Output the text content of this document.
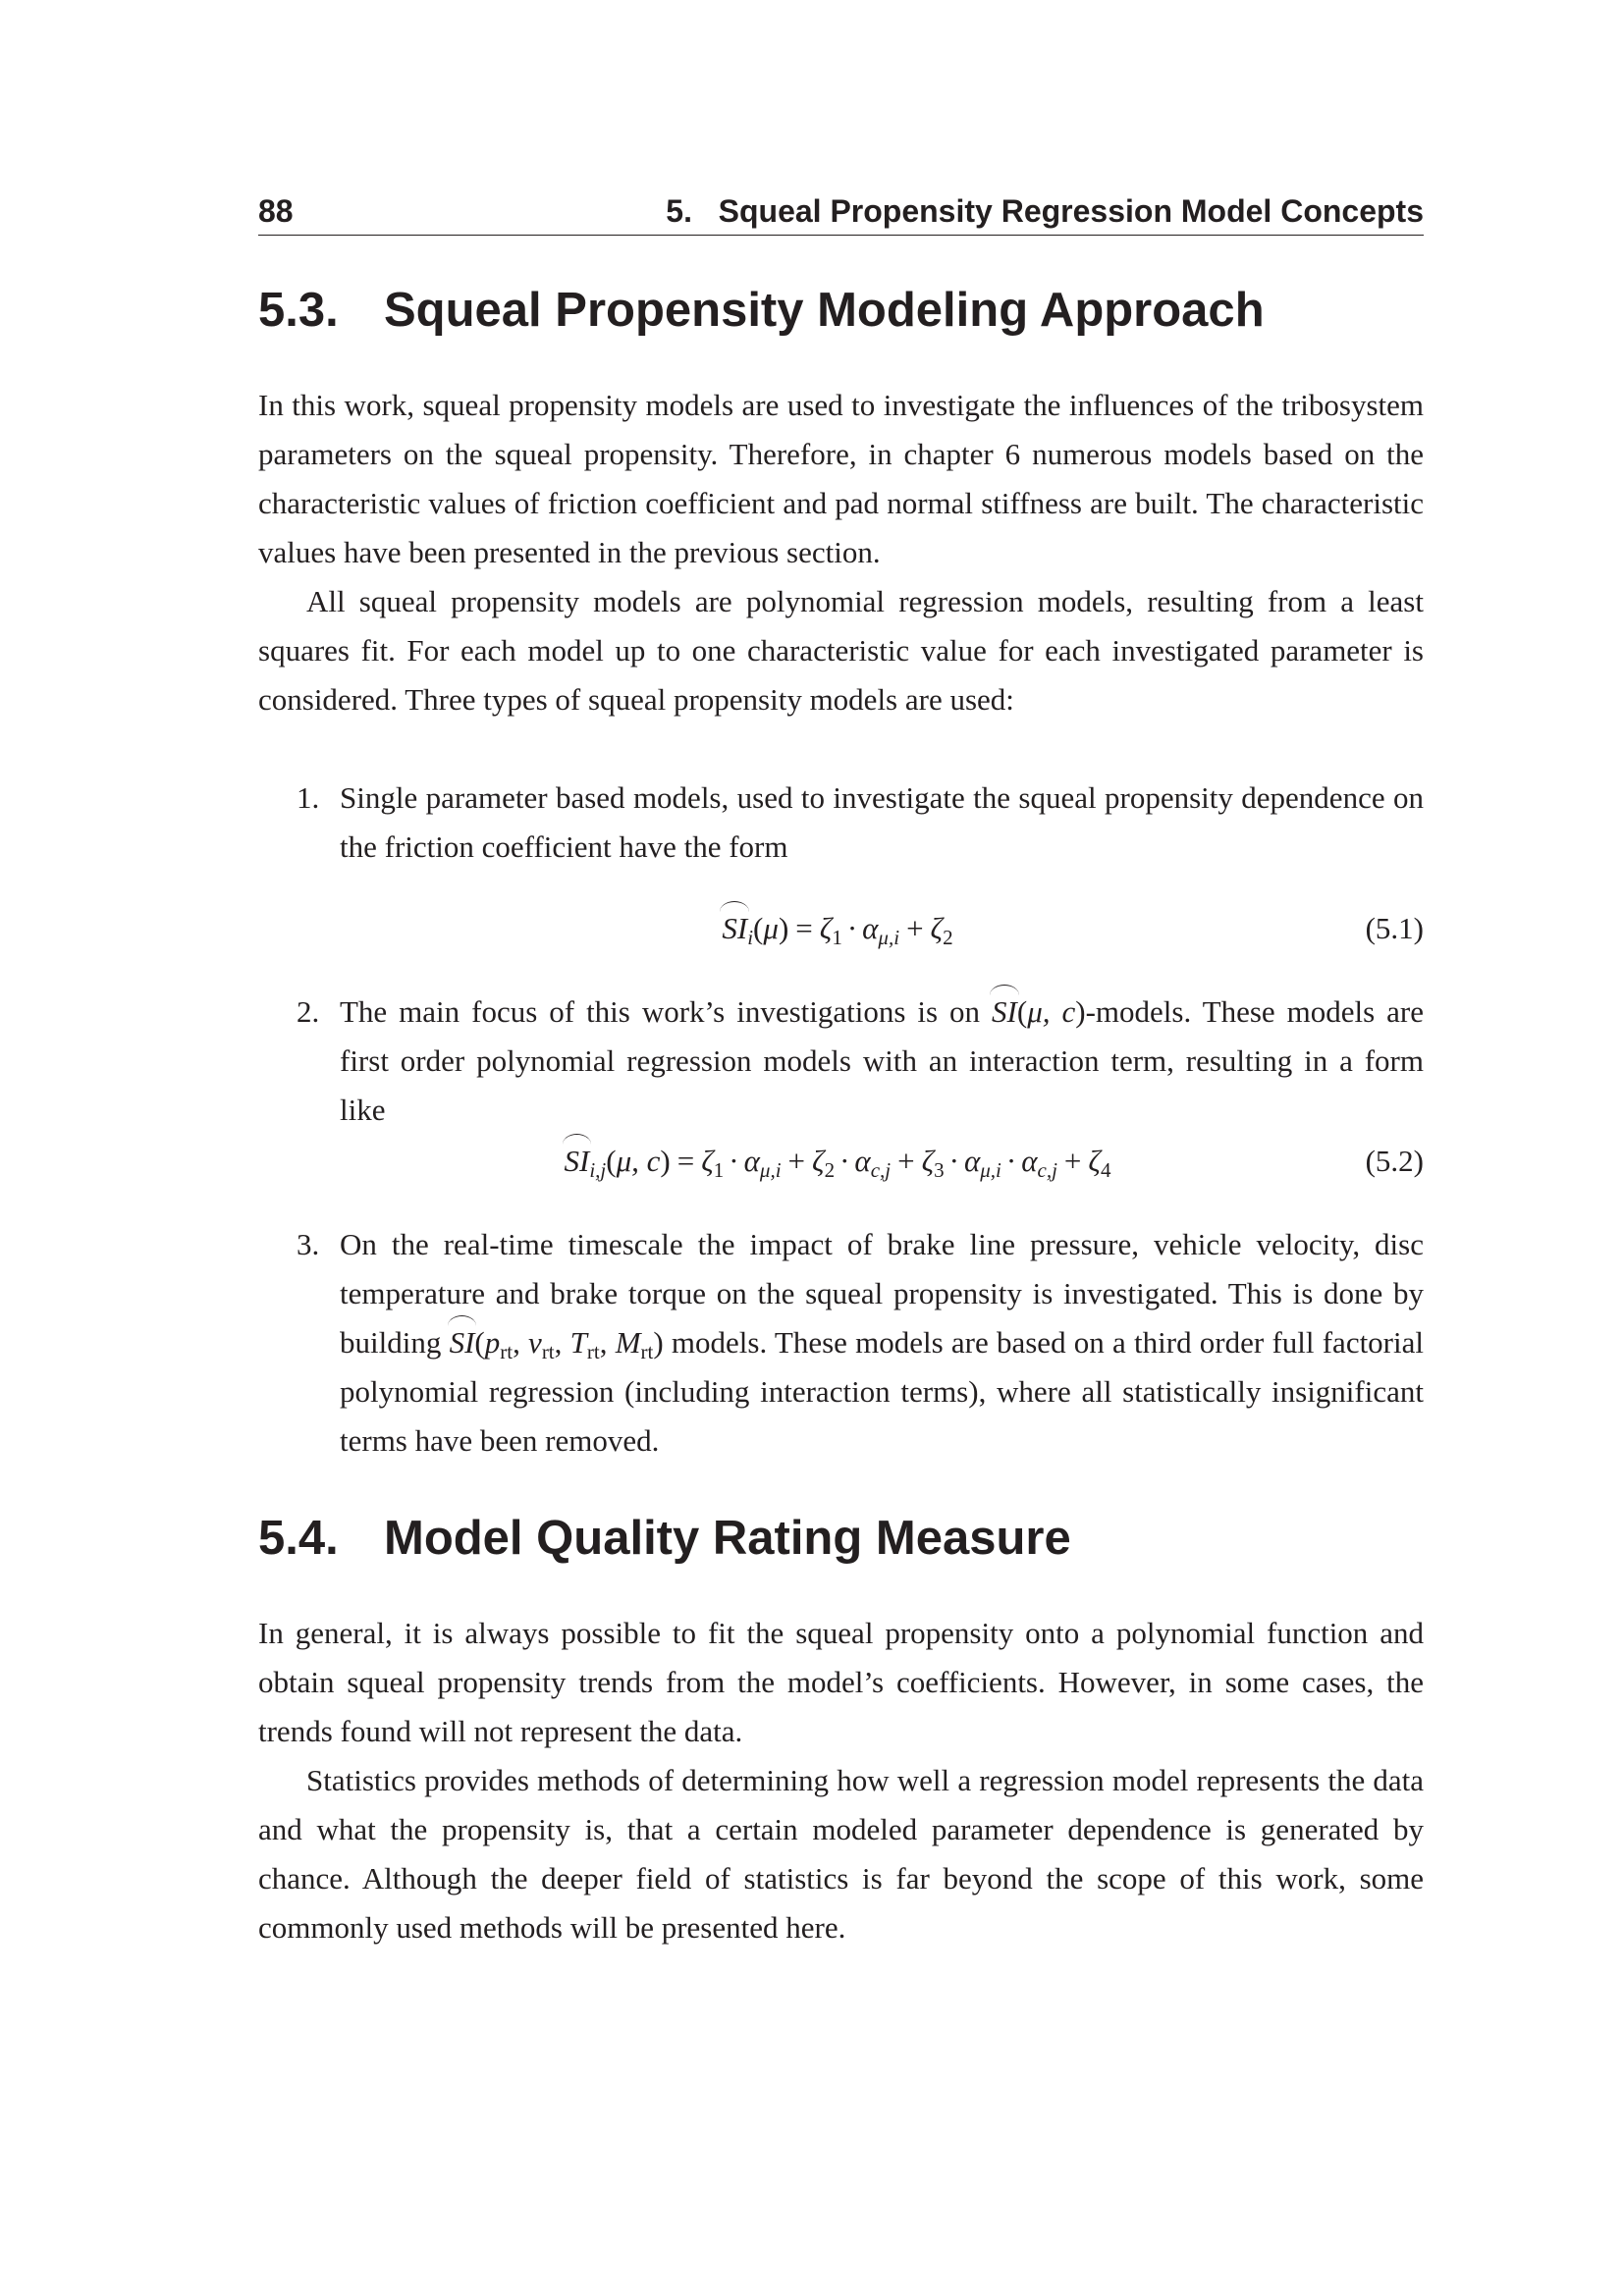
88	5.   Squeal Propensity Regression Model Concepts
5.3. Squeal Propensity Modeling Approach

In this work, squeal propensity models are used to investigate the influences of the tribosystem parameters on the squeal propensity. Therefore, in chapter 6 numerous models based on the characteristic values of friction coefficient and pad normal stiffness are built. The characteristic values have been presented in the previous section.

All squeal propensity models are polynomial regression models, resulting from a least squares fit. For each model up to one characteristic value for each investigated parameter is considered. Three types of squeal propensity models are used:

1. Single parameter based models, used to investigate the squeal propensity dependence on the friction coefficient have the form

$SI_i(\mu) = \zeta_1 \cdot \alpha_{\mu,i} + \zeta_2$	(5.1)
2. The main focus of this work’s investigations is on SI(μ, c)-models. These models are first order polynomial regression models with an interaction term, resulting in a form like

$SI_{i,j}(\mu$, $c) = \zeta_1 \cdot \alpha_{\mu,i} + \zeta_2 \cdot \alpha_{c,j} + \zeta_3 \cdot \alpha_{\mu,i} \cdot \alpha_{c,j} + \zeta_4$	(5.2)
3. On the real-time timescale the impact of brake line pressure, vehicle velocity, disc temperature and brake torque on the squeal propensity is investigated. This is done by building $SI(p_{rt}$, $v_{rt}$, $T_{rt}$, $M_{rt}$) models. These models are based on a third order full factorial polynomial regression (including interaction terms), where all statistically insignificant terms have been removed.

5.4. Model Quality Rating Measure

In general, it is always possible to fit the squeal propensity onto a polynomial function and obtain squeal propensity trends from the model’s coefficients. However, in some cases, the trends found will not represent the data.

Statistics provides methods of determining how well a regression model represents the data and what the propensity is, that a certain modeled parameter dependence is generated by chance. Although the deeper field of statistics is far beyond the scope of this work, some commonly used methods will be presented here.
